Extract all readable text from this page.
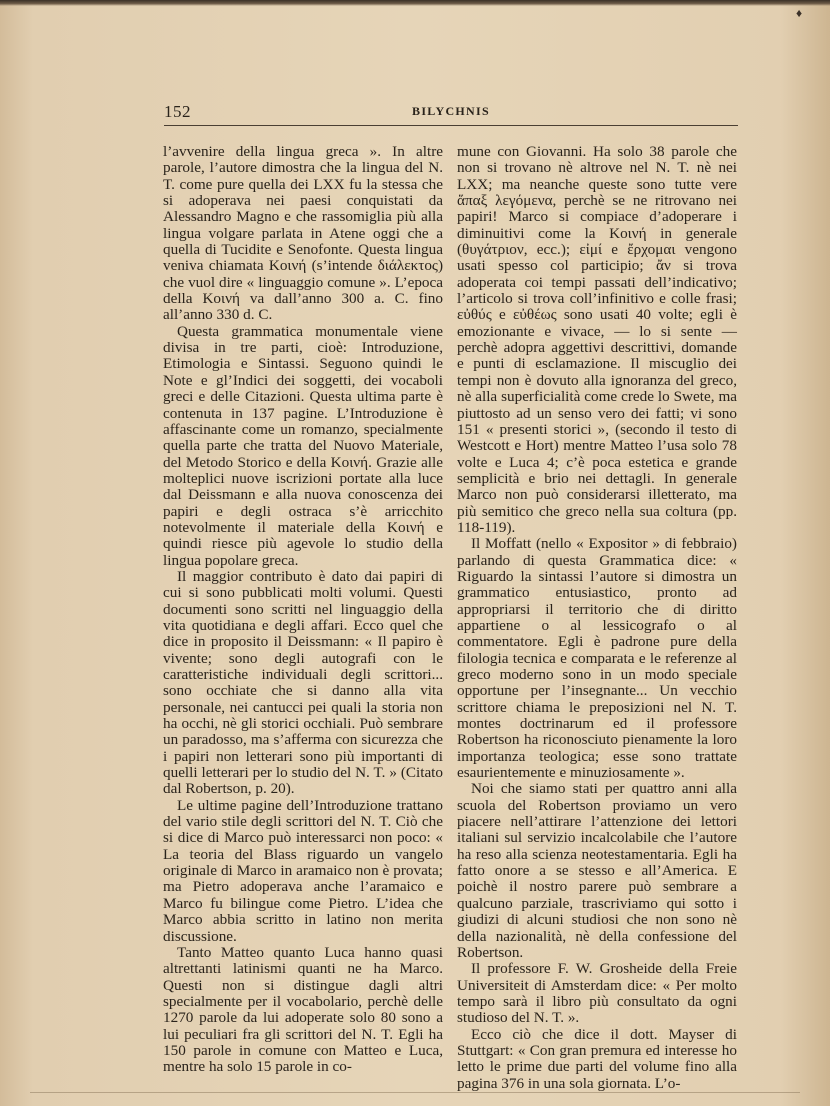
♦
152	BILYCHNIS

l’avvenire della lingua greca ». In altre parole, l’autore dimostra che la lingua del N. T. come pure quella dei LXX fu la stessa che si adoperava nei paesi conquistati da Alessandro Magno e che rassomiglia più alla lingua volgare parlata in Atene oggi che a quella di Tucidite e Senofonte. Questa lingua veniva chiamata Κοινή (s’intende διάλεκτος) che vuol dire « linguaggio comune ». L’epoca della Κοινή va dall’anno 300 a. C. fino all’anno 330 d. C.

Questa grammatica monumentale viene divisa in tre parti, cioè: Introduzione, Etimologia e Sintassi. Seguono quindi le Note e gl’Indici dei soggetti, dei vocaboli greci e delle Citazioni. Questa ultima parte è contenuta in 137 pagine. L’Introduzione è affascinante come un romanzo, specialmente quella parte che tratta del Nuovo Materiale, del Metodo Storico e della Κοινή. Grazie alle molteplici nuove iscrizioni portate alla luce dal Deissmann e alla nuova conoscenza dei papiri e degli ostraca s’è arricchito notevolmente il materiale della Κοινή e quindi riesce più agevole lo studio della lingua popolare greca.

Il maggior contributo è dato dai papiri di cui si sono pubblicati molti volumi. Questi documenti sono scritti nel linguaggio della vita quotidiana e degli affari. Ecco quel che dice in proposito il Deissmann: « Il papiro è vivente; sono degli autografi con le caratteristiche individuali degli scrittori... sono occhiate che si danno alla vita personale, nei cantucci pei quali la storia non ha occhi, nè gli storici occhiali. Può sembrare un paradosso, ma s’afferma con sicurezza che i papiri non letterari sono più importanti di quelli letterari per lo studio del N. T. » (Citato dal Robertson, p. 20).

Le ultime pagine dell’Introduzione trattano del vario stile degli scrittori del N. T. Ciò che si dice di Marco può interessarci non poco: « La teoria del Blass riguardo un vangelo originale di Marco in aramaico non è provata; ma Pietro adoperava anche l’aramaico e Marco fu bilingue come Pietro. L’idea che Marco abbia scritto in latino non merita discussione.

Tanto Matteo quanto Luca hanno quasi altrettanti latinismi quanti ne ha Marco. Questi non si distingue dagli altri specialmente per il vocabolario, perchè delle 1270 parole da lui adoperate solo 80 sono a lui peculiari fra gli scrittori del N. T. Egli ha 150 parole in comune con Matteo e Luca, mentre ha solo 15 parole in co-

mune con Giovanni. Ha solo 38 parole che non si trovano nè altrove nel N. T. nè nei LXX; ma neanche queste sono tutte vere ἅπαξ λεγόμενα, perchè se ne ritrovano nei papiri! Marco si compiace d’adoperare i diminuitivi come la Κοινή in generale (θυγάτριον, ecc.); εἰμί e ἔρχομαι vengono usati spesso col participio; ἄν si trova adoperata coi tempi passati dell’indicativo; l’articolo si trova coll’infinitivo e colle frasi; εὐθύς e εὐθέως sono usati 40 volte; egli è emozionante e vivace, — lo si sente — perchè adopra aggettivi descrittivi, domande e punti di esclamazione. Il miscuglio dei tempi non è dovuto alla ignoranza del greco, nè alla superficialità come crede lo Swete, ma piuttosto ad un senso vero dei fatti; vi sono 151 « presenti storici », (secondo il testo di Westcott e Hort) mentre Matteo l’usa solo 78 volte e Luca 4; c’è poca estetica e grande semplicità e brio nei dettagli. In generale Marco non può considerarsi illetterato, ma più semitico che greco nella sua coltura (pp. 118-119).

Il Moffatt (nello « Expositor » di febbraio) parlando di questa Grammatica dice: « Riguardo la sintassi l’autore si dimostra un grammatico entusiastico, pronto ad appropriarsi il territorio che di diritto appartiene o al lessicografo o al commentatore. Egli è padrone pure della filologia tecnica e comparata e le referenze al greco moderno sono in un modo speciale opportune per l’insegnante... Un vecchio scrittore chiama le preposizioni nel N. T. montes doctrinarum ed il professore Robertson ha riconosciuto pienamente la loro importanza teologica; esse sono trattate esaurientemente e minuziosamente ».

Noi che siamo stati per quattro anni alla scuola del Robertson proviamo un vero piacere nell’attirare l’attenzione dei lettori italiani sul servizio incalcolabile che l’autore ha reso alla scienza neotestamentaria. Egli ha fatto onore a se stesso e all’America. E poichè il nostro parere può sembrare a qualcuno parziale, trascriviamo qui sotto i giudizi di alcuni studiosi che non sono nè della nazionalità, nè della confessione del Robertson.

Il professore F. W. Grosheide della Freie Universiteit di Amsterdam dice: « Per molto tempo sarà il libro più consultato da ogni studioso del N. T. ».

Ecco ciò che dice il dott. Mayser di Stuttgart: « Con gran premura ed interesse ho letto le prime due parti del volume fino alla pagina 376 in una sola giornata. L’o-
